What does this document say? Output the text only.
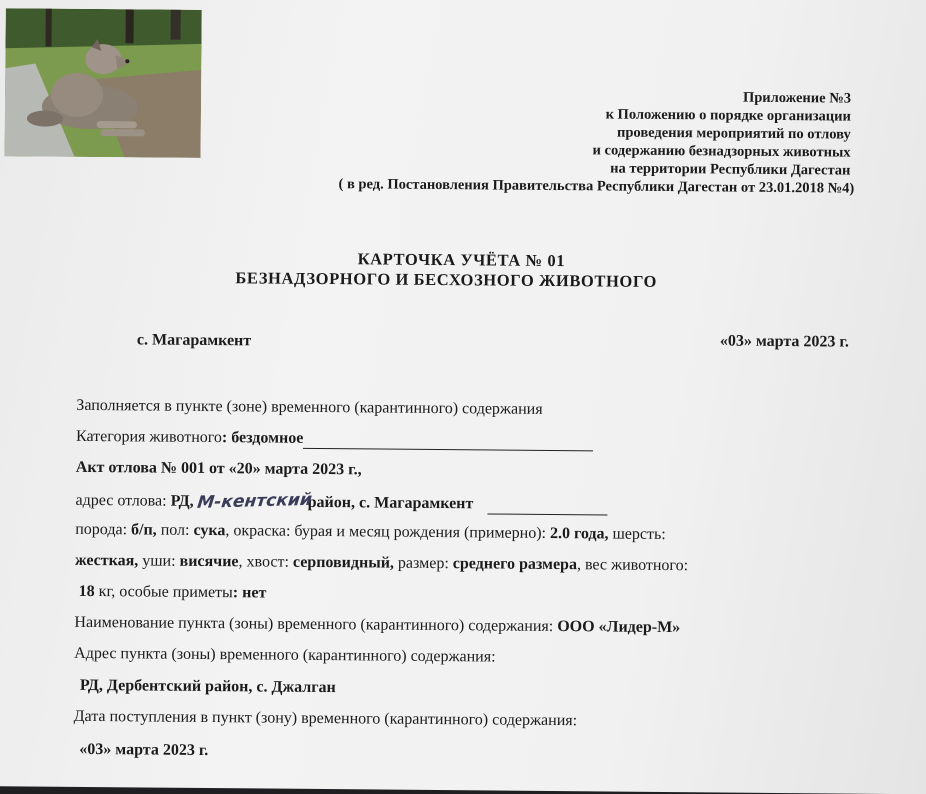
Приложение №3
к Положению о порядке организации
проведения мероприятий по отлову
и содержанию безнадзорных животных
на территории Республики Дагестан
( в ред. Постановления Правительства Республики Дагестан от 23.01.2018 №4)
КАРТОЧКА УЧЁТА № 01
БЕЗНАДЗОРНОГО И БЕСХОЗНОГО ЖИВОТНОГО
с. Магарамкент	«03» марта 2023 г.
Заполняется в пункте (зоне) временного (карантинного) содержания
Категория животного: бездомное
Акт отлова № 001 от «20» марта 2023 г.,
адрес отлова: РД, М-кентскийрайон, с. Магарамкент
порода: б/п, пол: сука, окраска: бурая и месяц рождения (примерно): 2.0 года, шерсть:
жесткая, уши: висячие, хвост: серповидный, размер: среднего размера, вес животного:
18 кг, особые приметы: нет
Наименование пункта (зоны) временного (карантинного) содержания: ООО «Лидер-М»
Адрес пункта (зоны) временного (карантинного) содержания:
РД, Дербентский район, с. Джалган
Дата поступления в пункт (зону) временного (карантинного) содержания:
«03» марта 2023 г.
